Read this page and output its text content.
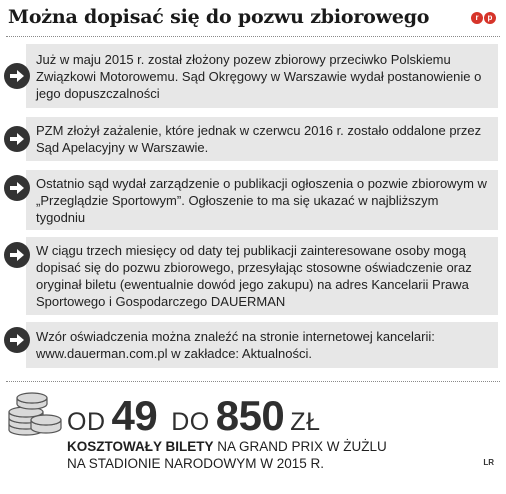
Można dopisać się do pozwu zbiorowego	r	p

Już w maju 2015 r. został złożony pozew zbiorowy przeciwko Polskiemu Związkowi Motorowemu. Sąd Okręgowy w Warszawie wydał postanowienie o jego dopuszczalności

PZM złożył zażalenie, które jednak w czerwcu 2016 r. zostało oddalone przez Sąd Apelacyjny w Warszawie.

Ostatnio sąd wydał zarządzenie o publikacji ogłoszenia o pozwie zbiorowym w „Przeglądzie Sportowym”. Ogłoszenie to ma się ukazać w najbliższym tygodniu

W ciągu trzech miesięcy od daty tej publikacji zainteresowane osoby mogą dopisać się do pozwu zbiorowego, przesyłając stosowne oświadczenie oraz oryginał biletu (ewentualnie dowód jego zakupu) na adres Kancelarii Prawa Sportowego i Gospodarczego DAUERMAN

Wzór oświadczenia można znaleźć na stronie internetowej kancelarii: www.dauerman.com.pl w zakładce: Aktualności.

OD 49 DO 850 ZŁ
KOSZTOWAŁY BILETY NA GRAND PRIX W ŻUŻLU
NA STADIONIE NARODOWYM W 2015 R.	LR
